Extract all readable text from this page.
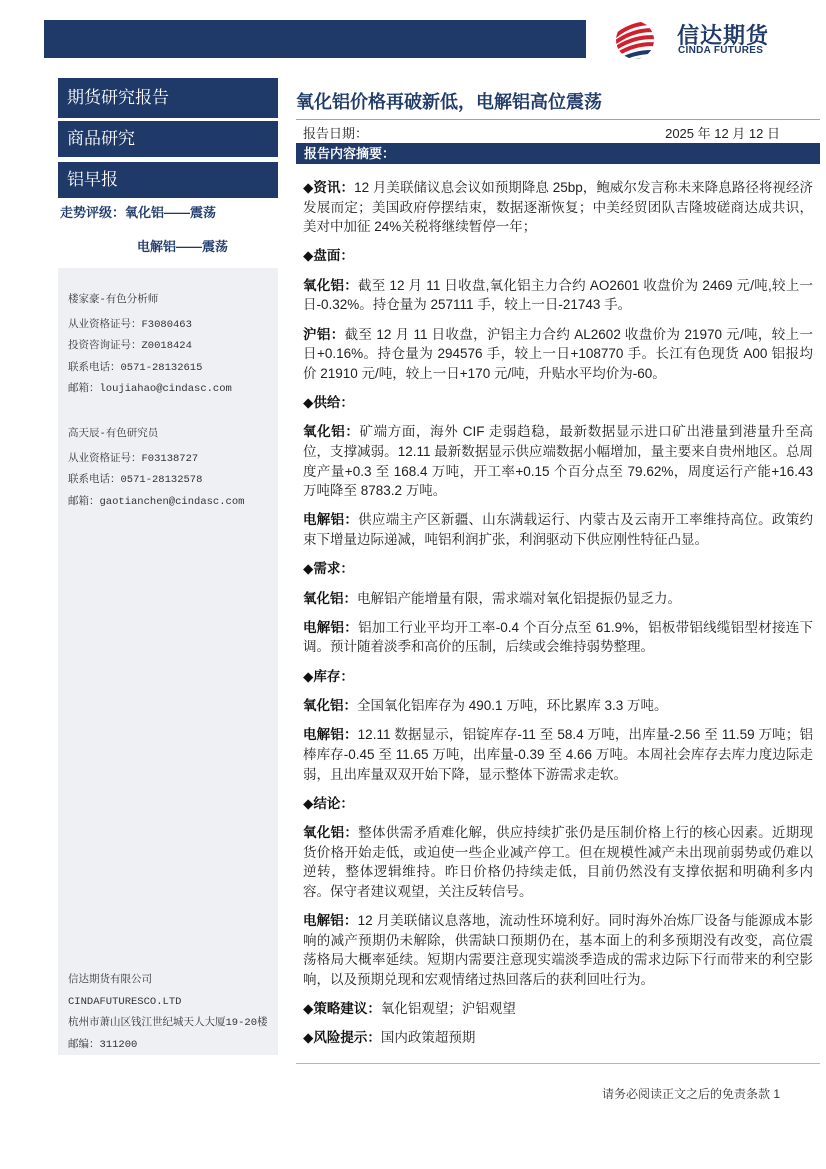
信达期货
CINDA FUTURES
期货研究报告
商品研究
铝早报
走势评级：氧化铝——震荡
电解铝——震荡
楼家豪-有色分析师
从业资格证号：F3080463
投资咨询证号：Z0018424
联系电话：0571-28132615
邮箱：loujiahao@cindasc.com
高天辰-有色研究员
从业资格证号：F03138727
联系电话：0571-28132578
邮箱：gaotianchen@cindasc.com
信达期货有限公司
CINDAFUTURESCO.LTD
杭州市萧山区钱江世纪城天人大厦19-20楼
邮编：311200
氧化铝价格再破新低，电解铝高位震荡
报告日期：	2025 年 12 月 12 日
报告内容摘要：

◆资讯：12 月美联储议息会议如预期降息 25bp，鲍威尔发言称未来降息路径将视经济发展而定；美国政府停摆结束，数据逐渐恢复；中美经贸团队吉隆坡磋商达成共识，美对中加征 24%关税将继续暂停一年；

◆盘面：

氧化铝：截至 12 月 11 日收盘,氧化铝主力合约 AO2601 收盘价为 2469 元/吨,较上一日-0.32%。持仓量为 257111 手，较上一日-21743 手。

沪铝：截至 12 月 11 日收盘，沪铝主力合约 AL2602 收盘价为 21970 元/吨，较上一日+0.16%。持仓量为 294576 手，较上一日+108770 手。长江有色现货 A00 铝报均价 21910 元/吨，较上一日+170 元/吨，升贴水平均价为-60。

◆供给：

氧化铝：矿端方面，海外 CIF 走弱趋稳，最新数据显示进口矿出港量到港量升至高位，支撑减弱。12.11 最新数据显示供应端数据小幅增加，量主要来自贵州地区。总周度产量+0.3 至 168.4 万吨，开工率+0.15 个百分点至 79.62%，周度运行产能+16.43 万吨降至 8783.2 万吨。

电解铝：供应端主产区新疆、山东满载运行、内蒙古及云南开工率维持高位。政策约束下增量边际递减，吨铝利润扩张，利润驱动下供应刚性特征凸显。

◆需求：

氧化铝：电解铝产能增量有限，需求端对氧化铝提振仍显乏力。

电解铝：铝加工行业平均开工率-0.4 个百分点至 61.9%，铝板带铝线缆铝型材接连下调。预计随着淡季和高价的压制，后续或会维持弱势整理。

◆库存：

氧化铝：全国氧化铝库存为 490.1 万吨，环比累库 3.3 万吨。

电解铝：12.11 数据显示，铝锭库存-11 至 58.4 万吨，出库量-2.56 至 11.59 万吨；铝棒库存-0.45 至 11.65 万吨，出库量-0.39 至 4.66 万吨。本周社会库存去库力度边际走弱，且出库量双双开始下降，显示整体下游需求走软。

◆结论：

氧化铝：整体供需矛盾难化解，供应持续扩张仍是压制价格上行的核心因素。近期现货价格开始走低，或迫使一些企业减产停工。但在规模性减产未出现前弱势或仍难以逆转，整体逻辑维持。昨日价格仍持续走低，目前仍然没有支撑依据和明确利多内容。保守者建议观望，关注反转信号。

电解铝：12 月美联储议息落地，流动性环境利好。同时海外冶炼厂设备与能源成本影响的减产预期仍未解除，供需缺口预期仍在，基本面上的利多预期没有改变，高位震荡格局大概率延续。短期内需要注意现实端淡季造成的需求边际下行而带来的利空影响，以及预期兑现和宏观情绪过热回落后的获利回吐行为。

◆策略建议：氧化铝观望；沪铝观望

◆风险提示：国内政策超预期

请务必阅读正文之后的免责条款 1
